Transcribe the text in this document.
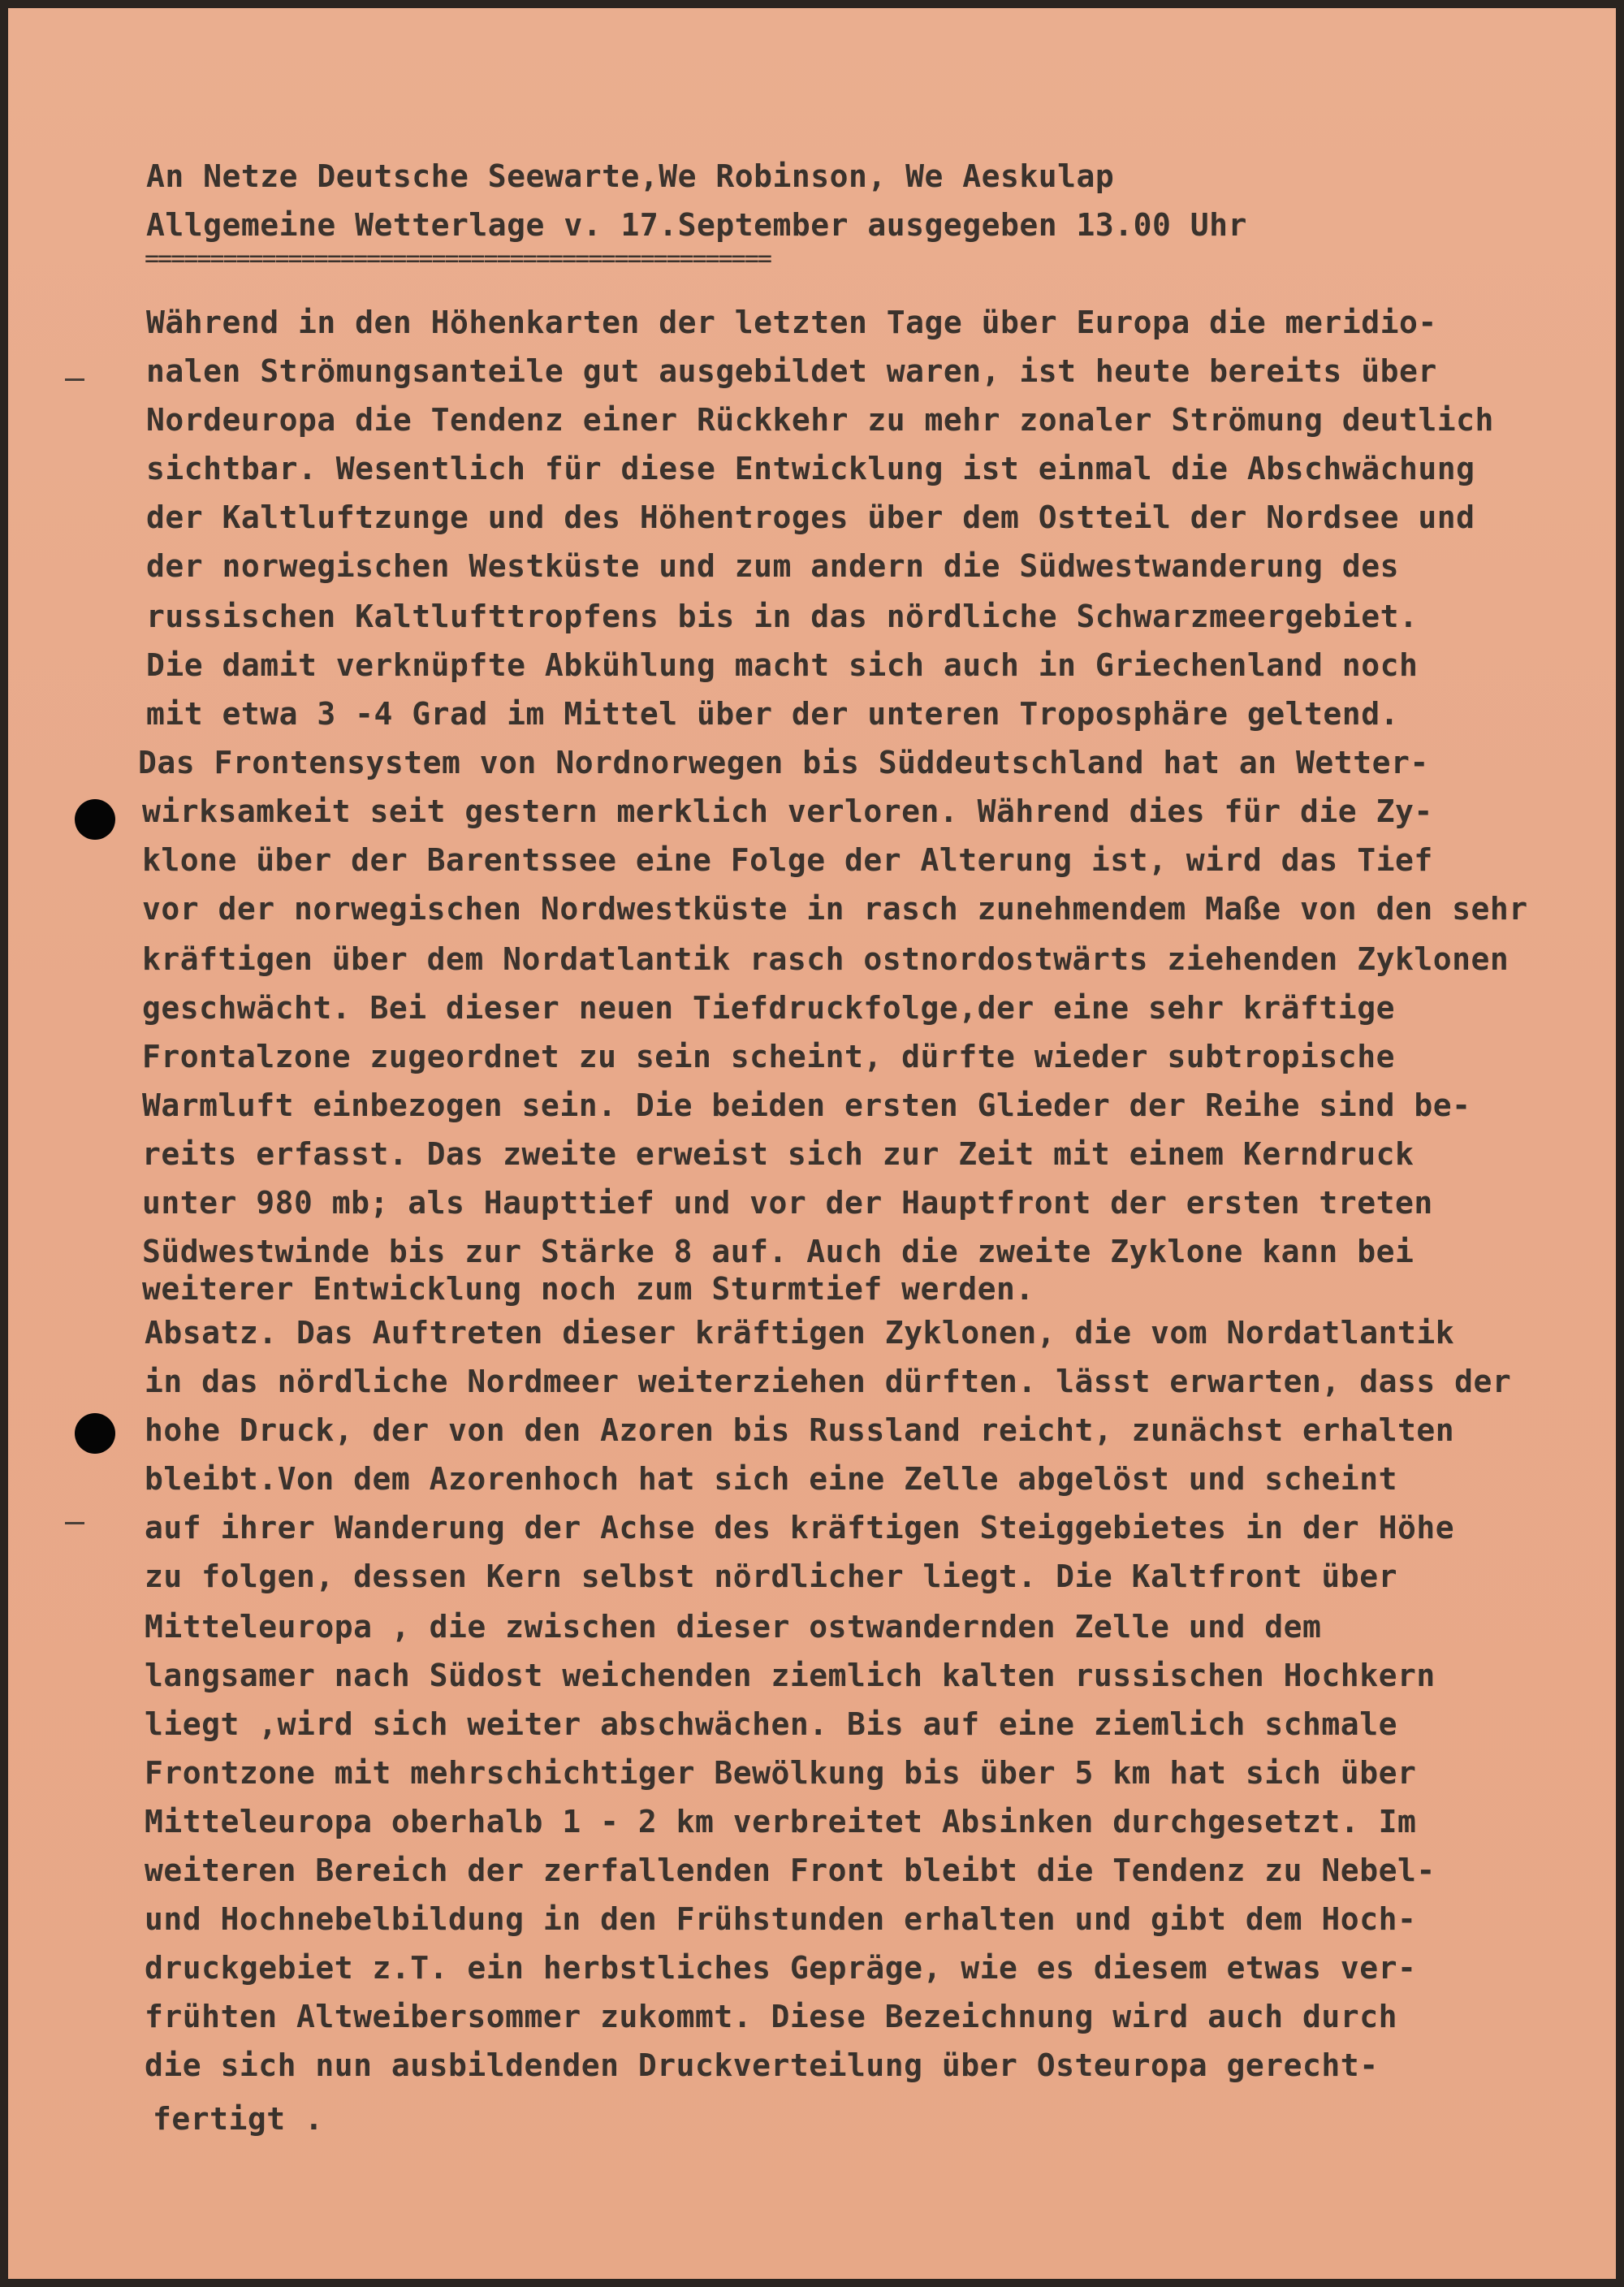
An Netze Deutsche Seewarte,We Robinson, We Aeskulap
Allgemeine Wetterlage v. 17.September ausgegeben 13.00 Uhr
================================================
Während in den Höhenkarten der letzten Tage über Europa die meridio-
nalen Strömungsanteile gut ausgebildet waren, ist heute bereits über
Nordeuropa die Tendenz einer Rückkehr zu mehr zonaler Strömung deutlich
sichtbar. Wesentlich für diese Entwicklung ist einmal die Abschwächung
der Kaltluftzunge und des Höhentroges über dem Ostteil der Nordsee und
der norwegischen Westküste und zum andern die Südwestwanderung des
russischen Kaltlufttropfens bis in das nördliche Schwarzmeergebiet.
Die damit verknüpfte Abkühlung macht sich auch in Griechenland noch
mit etwa 3 -4 Grad im Mittel über der unteren Troposphäre geltend.
Das Frontensystem von Nordnorwegen bis Süddeutschland hat an Wetter-
wirksamkeit seit gestern merklich verloren. Während dies für die Zy-
klone über der Barentssee eine Folge der Alterung ist, wird das Tief
vor der norwegischen Nordwestküste in rasch zunehmendem Maße von den sehr
kräftigen über dem Nordatlantik rasch ostnordostwärts ziehenden Zyklonen
geschwächt. Bei dieser neuen Tiefdruckfolge,der eine sehr kräftige
Frontalzone zugeordnet zu sein scheint, dürfte wieder subtropische
Warmluft einbezogen sein. Die beiden ersten Glieder der Reihe sind be-
reits erfasst. Das zweite erweist sich zur Zeit mit einem Kerndruck
unter 980 mb; als Haupttief und vor der Hauptfront der ersten treten
Südwestwinde bis zur Stärke 8 auf. Auch die zweite Zyklone kann bei
weiterer Entwicklung noch zum Sturmtief werden.
Absatz. Das Auftreten dieser kräftigen Zyklonen, die vom Nordatlantik
in das nördliche Nordmeer weiterziehen dürften. lässt erwarten, dass der
hohe Druck, der von den Azoren bis Russland reicht, zunächst erhalten
bleibt.Von dem Azorenhoch hat sich eine Zelle abgelöst und scheint
auf ihrer Wanderung der Achse des kräftigen Steiggebietes in der Höhe
zu folgen, dessen Kern selbst nördlicher liegt. Die Kaltfront über
Mitteleuropa , die zwischen dieser ostwandernden Zelle und dem
langsamer nach Südost weichenden ziemlich kalten russischen Hochkern
liegt ,wird sich weiter abschwächen. Bis auf eine ziemlich schmale
Frontzone mit mehrschichtiger Bewölkung bis über 5 km hat sich über
Mitteleuropa oberhalb 1 - 2 km verbreitet Absinken durchgesetzt. Im
weiteren Bereich der zerfallenden Front bleibt die Tendenz zu Nebel-
und Hochnebelbildung in den Frühstunden erhalten und gibt dem Hoch-
druckgebiet z.T. ein herbstliches Gepräge, wie es diesem etwas ver-
frühten Altweibersommer zukommt. Diese Bezeichnung wird auch durch
die sich nun ausbildenden Druckverteilung über Osteuropa gerecht-
fertigt .
